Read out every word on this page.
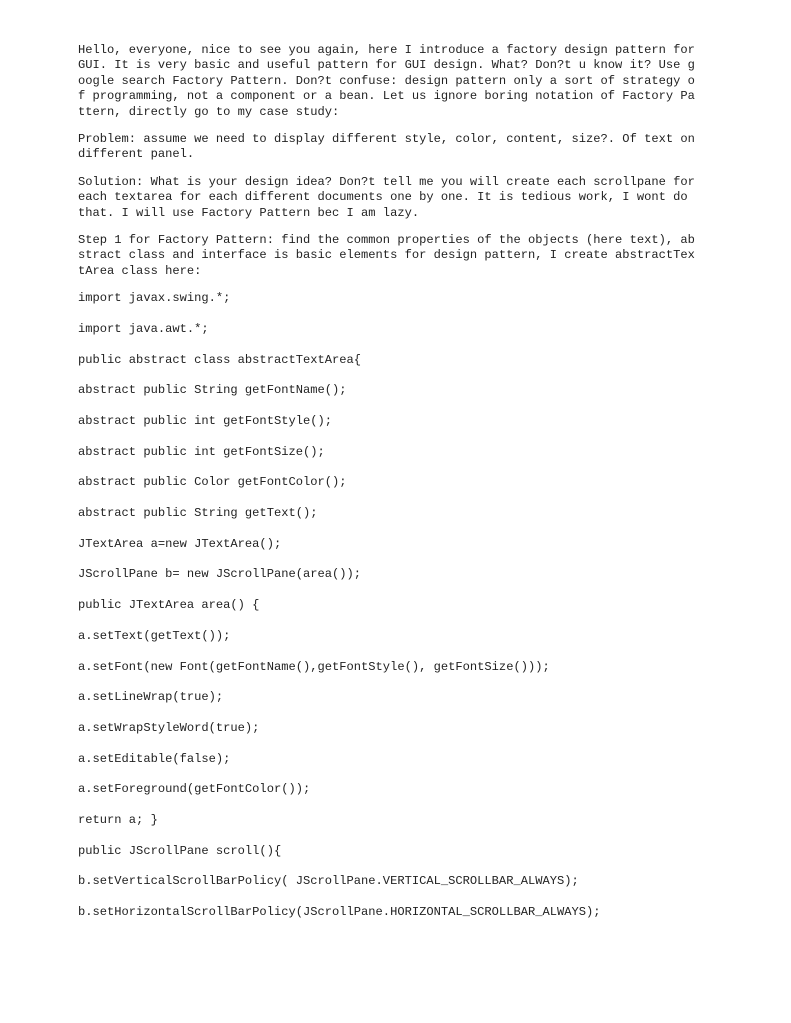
Hello, everyone, nice to see you again, here I introduce a factory design pattern for GUI. It is very basic and useful pattern for GUI design. What? Don?t u know it? Use google search Factory Pattern. Don?t confuse: design pattern only a sort of strategy of programming, not a component or a bean. Let us ignore boring notation of Factory Pattern, directly go to my case study:

Problem: assume we need to display different style, color, content, size?. Of text on different panel.

Solution: What is your design idea? Don?t tell me you will create each scrollpane for each textarea for each different documents one by one. It is tedious work, I wont do that. I will use Factory Pattern bec I am lazy.

Step 1 for Factory Pattern: find the common properties of the objects (here text), abstract class and interface is basic elements for design pattern, I create abstractTextArea class here:

import javax.swing.*;
import java.awt.*;
public abstract class abstractTextArea{
abstract public String getFontName();
abstract public int getFontStyle();
abstract public int getFontSize();
abstract public Color getFontColor();
abstract public String getText();
JTextArea a=new JTextArea();
JScrollPane b= new JScrollPane(area());
public JTextArea area() {
a.setText(getText());
a.setFont(new Font(getFontName(),getFontStyle(), getFontSize()));
a.setLineWrap(true);
a.setWrapStyleWord(true);
a.setEditable(false);
a.setForeground(getFontColor());
return a; }
public JScrollPane scroll(){
b.setVerticalScrollBarPolicy( JScrollPane.VERTICAL_SCROLLBAR_ALWAYS);
b.setHorizontalScrollBarPolicy(JScrollPane.HORIZONTAL_SCROLLBAR_ALWAYS);
